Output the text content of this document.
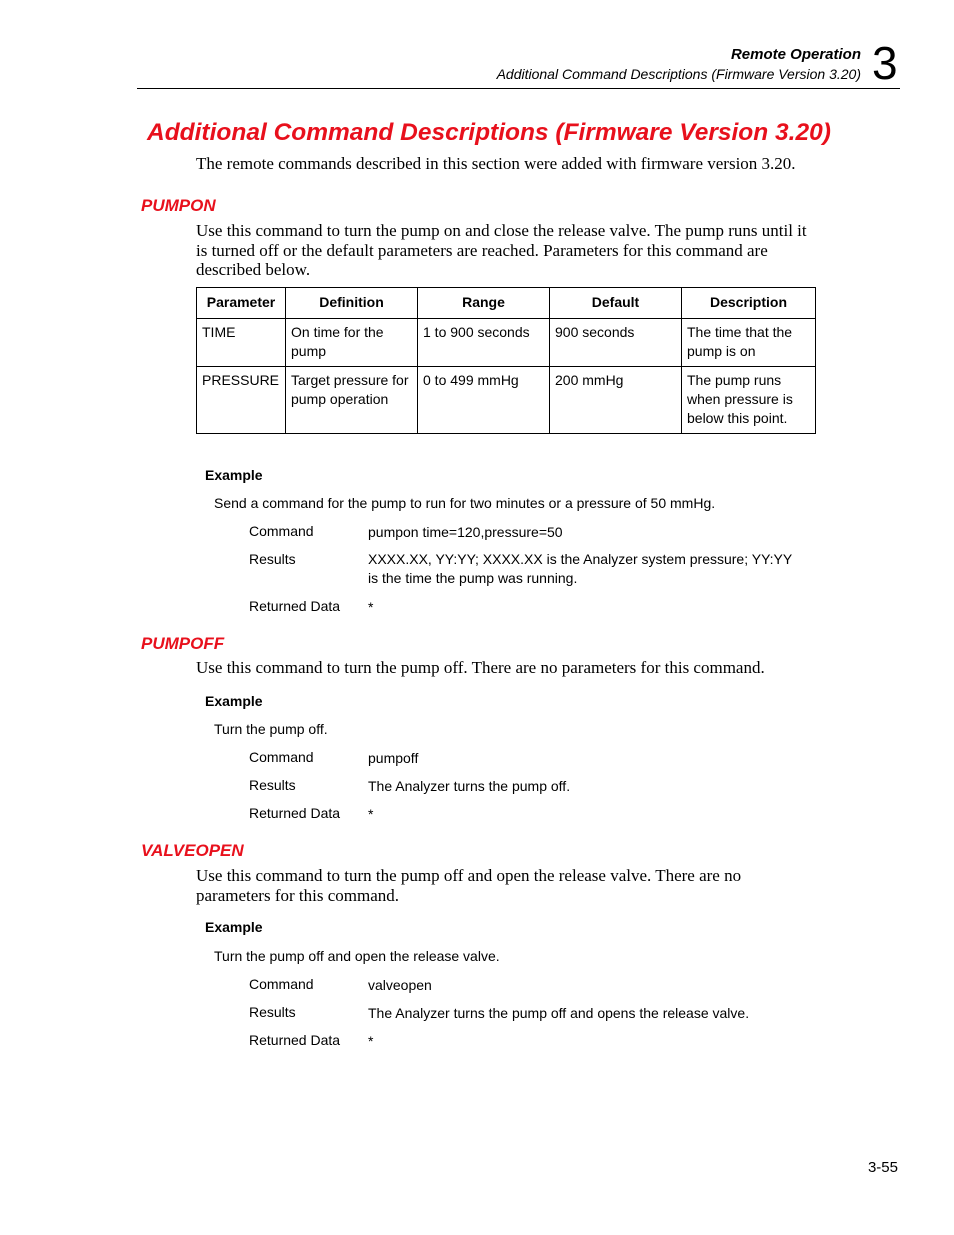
Remote Operation
Additional Command Descriptions (Firmware Version 3.20) 3
Additional Command Descriptions (Firmware Version 3.20)
The remote commands described in this section were added with firmware version 3.20.
PUMPON
Use this command to turn the pump on and close the release valve. The pump runs until it is turned off or the default parameters are reached. Parameters for this command are described below.
Parameter	Definition	Range	Default	Description
TIME	On time for the pump	1 to 900 seconds	900 seconds	The time that the pump is on
PRESSURE	Target pressure for pump operation	0 to 499 mmHg	200 mmHg	The pump runs when pressure is below this point.
Example
Send a command for the pump to run for two minutes or a pressure of 50 mmHg.
Command	pumpon time=120,pressure=50
Results	XXXX.XX, YY:YY; XXXX.XX is the Analyzer system pressure; YY:YY is the time the pump was running.
Returned Data *
PUMPOFF
Use this command to turn the pump off. There are no parameters for this command.
Example
Turn the pump off.
Command	pumpoff
Results	The Analyzer turns the pump off.
Returned Data *
VALVEOPEN
Use this command to turn the pump off and open the release valve. There are no parameters for this command.
Example
Turn the pump off and open the release valve.
Command	valveopen
Results	The Analyzer turns the pump off and opens the release valve.
Returned Data *
3-55
